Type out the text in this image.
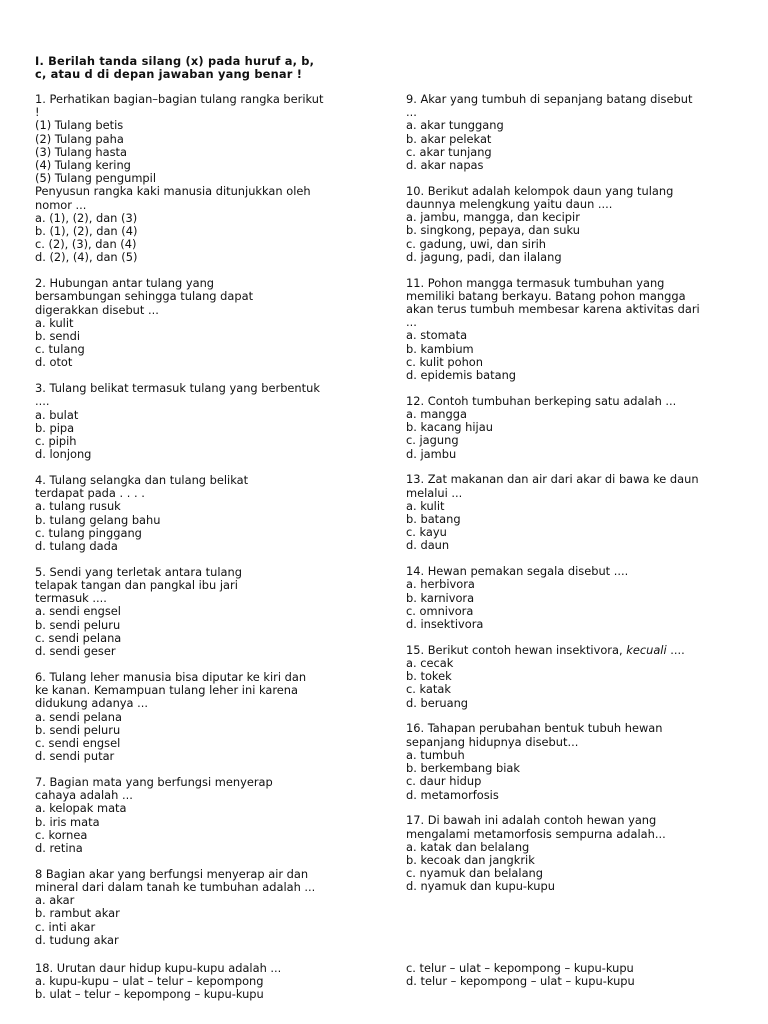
I. Berilah tanda silang (x) pada huruf a, b,
c, atau d di depan jawaban yang benar !
1. Perhatikan bagian–bagian tulang rangka berikut
!
(1) Tulang betis
(2) Tulang paha
(3) Tulang hasta
(4) Tulang kering
(5) Tulang pengumpil
Penyusun rangka kaki manusia ditunjukkan oleh
nomor ...
a. (1), (2), dan (3)
b. (1), (2), dan (4)
c. (2), (3), dan (4)
d. (2), (4), dan (5)
2. Hubungan antar tulang yang
bersambungan sehingga tulang dapat
digerakkan disebut ...
a. kulit
b. sendi
c. tulang
d. otot
3. Tulang belikat termasuk tulang yang berbentuk
....
a. bulat
b. pipa
c. pipih
d. lonjong
4. Tulang selangka dan tulang belikat
terdapat pada . . . .
a. tulang rusuk
b. tulang gelang bahu
c. tulang pinggang
d. tulang dada
5. Sendi yang terletak antara tulang
telapak tangan dan pangkal ibu jari
termasuk ....
a. sendi engsel
b. sendi peluru
c. sendi pelana
d. sendi geser
6. Tulang leher manusia bisa diputar ke kiri dan
ke kanan. Kemampuan tulang leher ini karena
didukung adanya ...
a. sendi pelana
b. sendi peluru
c. sendi engsel
d. sendi putar
7. Bagian mata yang berfungsi menyerap
cahaya adalah ...
a. kelopak mata
b. iris mata
c. kornea
d. retina
8 Bagian akar yang berfungsi menyerap air dan
mineral dari dalam tanah ke tumbuhan adalah ...
a. akar
b. rambut akar
c. inti akar
d. tudung akar
9. Akar yang tumbuh di sepanjang batang disebut
...
a. akar tunggang
b. akar pelekat
c. akar tunjang
d. akar napas
10. Berikut adalah kelompok daun yang tulang
daunnya melengkung yaitu daun ....
a. jambu, mangga, dan kecipir
b. singkong, pepaya, dan suku
c. gadung, uwi, dan sirih
d. jagung, padi, dan ilalang
11. Pohon mangga termasuk tumbuhan yang
memiliki batang berkayu. Batang pohon mangga
akan terus tumbuh membesar karena aktivitas dari
...
a. stomata
b. kambium
c. kulit pohon
d. epidemis batang
12. Contoh tumbuhan berkeping satu adalah ...
a. mangga
b. kacang hijau
c. jagung
d. jambu
13. Zat makanan dan air dari akar di bawa ke daun
melalui ...
a. kulit
b. batang
c. kayu
d. daun
14. Hewan pemakan segala disebut ....
a. herbivora
b. karnivora
c. omnivora
d. insektivora
15. Berikut contoh hewan insektivora, kecuali ....
a. cecak
b. tokek
c. katak
d. beruang
16. Tahapan perubahan bentuk tubuh hewan
sepanjang hidupnya disebut...
a. tumbuh
b. berkembang biak
c. daur hidup
d. metamorfosis
17. Di bawah ini adalah contoh hewan yang
mengalami metamorfosis sempurna adalah...
a. katak dan belalang
b. kecoak dan jangkrik
c. nyamuk dan belalang
d. nyamuk dan kupu-kupu
18. Urutan daur hidup kupu-kupu adalah ...
a. kupu-kupu – ulat – telur – kepompong
b. ulat – telur – kepompong – kupu-kupu
c. telur – ulat – kepompong – kupu-kupu
d. telur – kepompong – ulat – kupu-kupu
